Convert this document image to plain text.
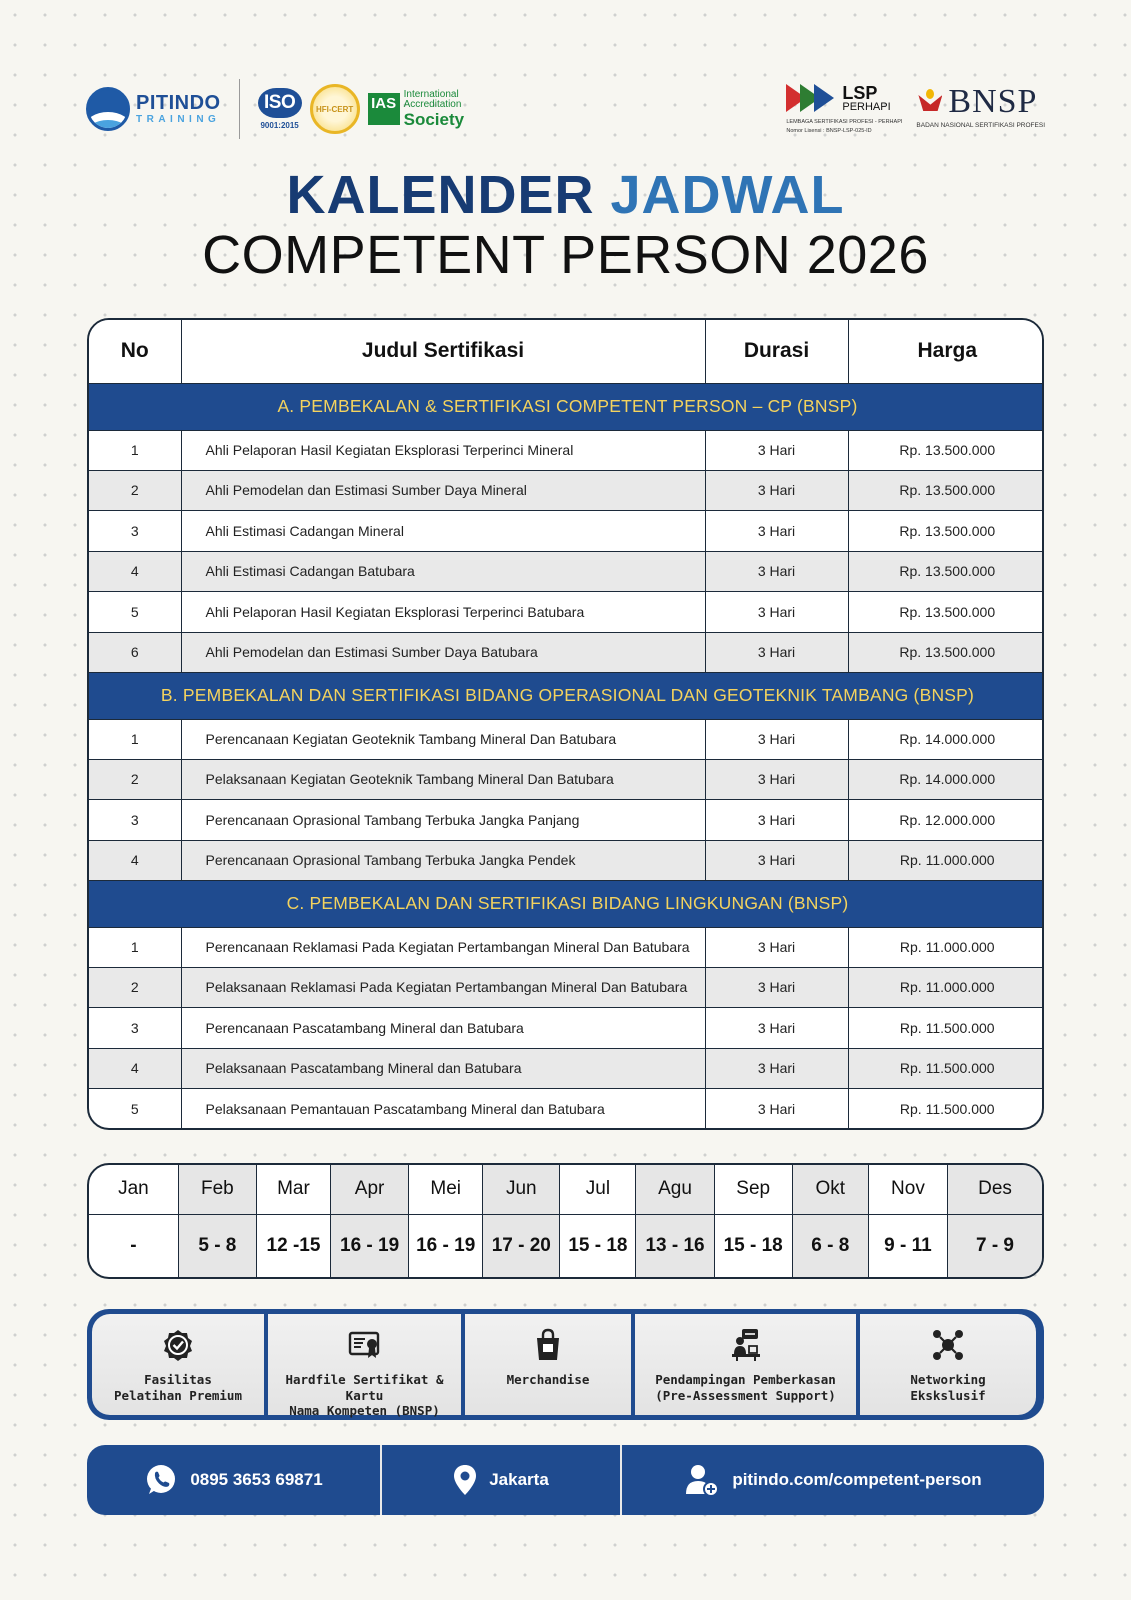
PITINDO
TRAINING
ISO
9001:2015
HFI-CERT	IAS
International
Accreditation
Society
LSP
PERHAPI
LEMBAGA SERTIFIKASI PROFESI - PERHAPI
Nomor Lisensi : BNSP-LSP-025-ID
BNSP
BADAN NASIONAL SERTIFIKASI PROFESI
KALENDER JADWAL
COMPETENT PERSON 2026
No	Judul Sertifikasi	Durasi	Harga
A. PEMBEKALAN & SERTIFIKASI COMPETENT PERSON – CP (BNSP)			
1	Ahli Pelaporan Hasil Kegiatan Eksplorasi Terperinci Mineral	3 Hari	Rp. 13.500.000
2	Ahli Pemodelan dan Estimasi Sumber Daya Mineral	3 Hari	Rp. 13.500.000
3	Ahli Estimasi Cadangan Mineral	3 Hari	Rp. 13.500.000
4	Ahli Estimasi Cadangan Batubara	3 Hari	Rp. 13.500.000
5	Ahli Pelaporan Hasil Kegiatan Eksplorasi Terperinci Batubara	3 Hari	Rp. 13.500.000
6	Ahli Pemodelan dan Estimasi Sumber Daya Batubara	3 Hari	Rp. 13.500.000
B. PEMBEKALAN DAN SERTIFIKASI BIDANG OPERASIONAL DAN GEOTEKNIK TAMBANG (BNSP)			
1	Perencanaan Kegiatan Geoteknik Tambang Mineral Dan Batubara	3 Hari	Rp. 14.000.000
2	Pelaksanaan Kegiatan Geoteknik Tambang Mineral Dan Batubara	3 Hari	Rp. 14.000.000
3	Perencanaan Oprasional Tambang Terbuka Jangka Panjang	3 Hari	Rp. 12.000.000
4	Perencanaan Oprasional Tambang Terbuka Jangka Pendek	3 Hari	Rp. 11.000.000
C. PEMBEKALAN DAN SERTIFIKASI BIDANG LINGKUNGAN (BNSP)			
1	Perencanaan Reklamasi Pada Kegiatan Pertambangan Mineral Dan Batubara	3 Hari	Rp. 11.000.000
2	Pelaksanaan Reklamasi Pada Kegiatan Pertambangan Mineral Dan Batubara	3 Hari	Rp. 11.000.000
3	Perencanaan Pascatambang Mineral dan Batubara	3 Hari	Rp. 11.500.000
4	Pelaksanaan Pascatambang Mineral dan Batubara	3 Hari	Rp. 11.500.000
5	Pelaksanaan Pemantauan Pascatambang Mineral dan Batubara	3 Hari	Rp. 11.500.000
Jan	Feb	Mar	Apr	Mei	Jun	Jul	Agu	Sep	Okt	Nov	Des
-	5 - 8	12 -15	16 - 19	16 - 19	17 - 20	15 - 18	13 - 16	15 - 18	6 - 8	9 - 11	7 - 9
Fasilitas
Pelatihan Premium
Hardfile Sertifikat & Kartu
Nama Kompeten (BNSP)
Merchandise	Pendampingan Pemberkasan
(Pre-Assessment Support)
Networking
Ekskslusif
0895 3653 69871	Jakarta	pitindo.com/competent-person
